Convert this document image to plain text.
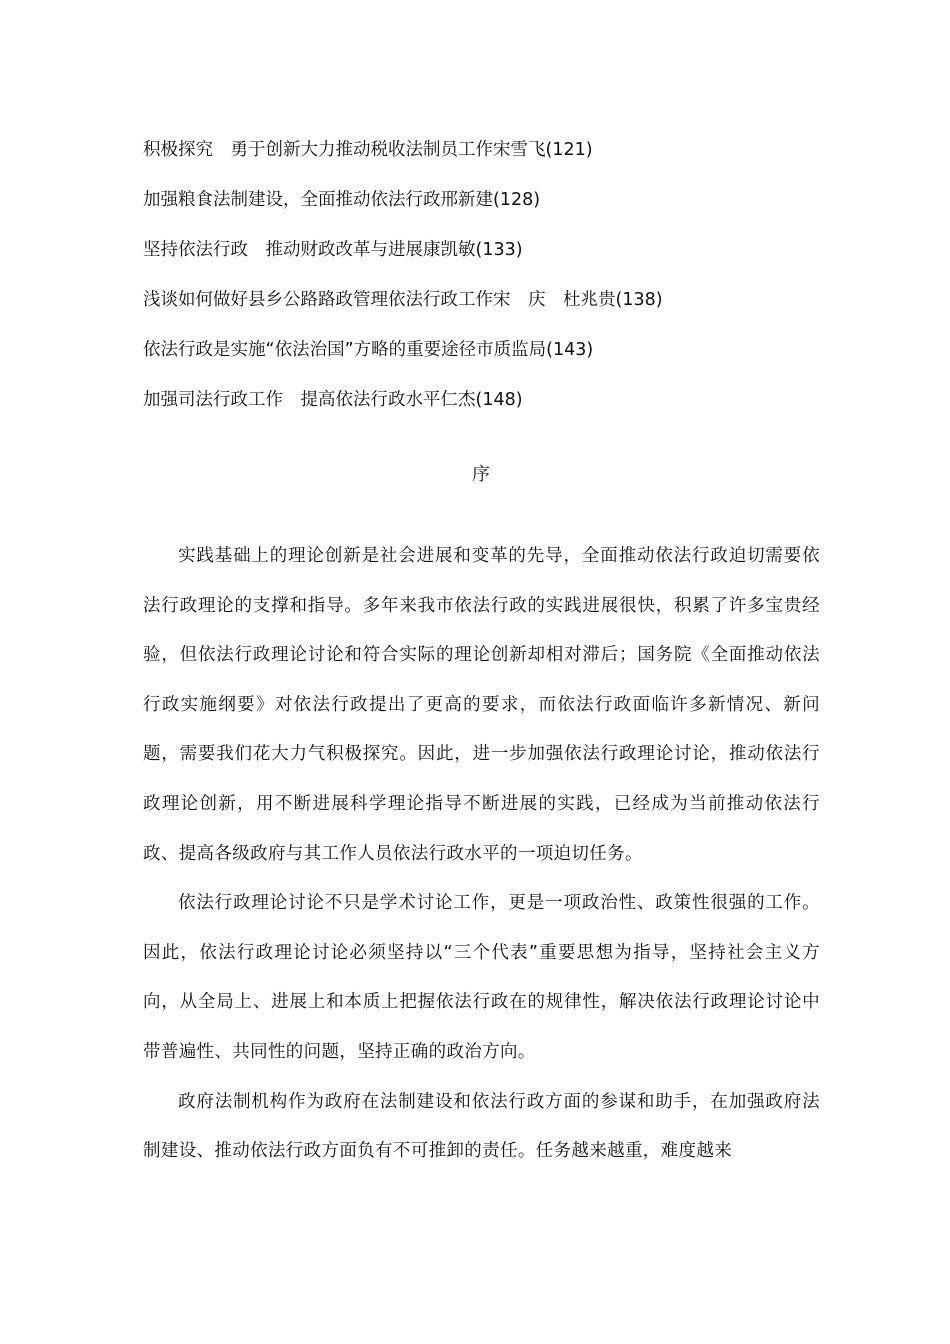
积极探究　勇于创新大力推动税收法制员工作宋雪飞(121)
加强粮食法制建设，全面推动依法行政邢新建(128)
坚持依法行政　推动财政改革与进展康凯敏(133)
浅谈如何做好县乡公路路政管理依法行政工作宋　庆　杜兆贵(138)
依法行政是实施“依法治国”方略的重要途径市质监局(143)
加强司法行政工作　提高依法行政水平仁杰(148)
序

实践基础上的理论创新是社会进展和变革的先导，全面推动依法行政迫切需要依法行政理论的支撑和指导。多年来我市依法行政的实践进展很快，积累了许多宝贵经验，但依法行政理论讨论和符合实际的理论创新却相对滞后；国务院《全面推动依法行政实施纲要》对依法行政提出了更高的要求，而依法行政面临许多新情况、新问题，需要我们花大力气积极探究。因此，进一步加强依法行政理论讨论，推动依法行政理论创新，用不断进展科学理论指导不断进展的实践，已经成为当前推动依法行政、提高各级政府与其工作人员依法行政水平的一项迫切任务。

依法行政理论讨论不只是学术讨论工作，更是一项政治性、政策性很强的工作。因此，依法行政理论讨论必须坚持以“三个代表”重要思想为指导，坚持社会主义方向，从全局上、进展上和本质上把握依法行政在的规律性，解决依法行政理论讨论中带普遍性、共同性的问题，坚持正确的政治方向。

政府法制机构作为政府在法制建设和依法行政方面的参谋和助手，在加强政府法制建设、推动依法行政方面负有不可推卸的责任。任务越来越重，难度越来
